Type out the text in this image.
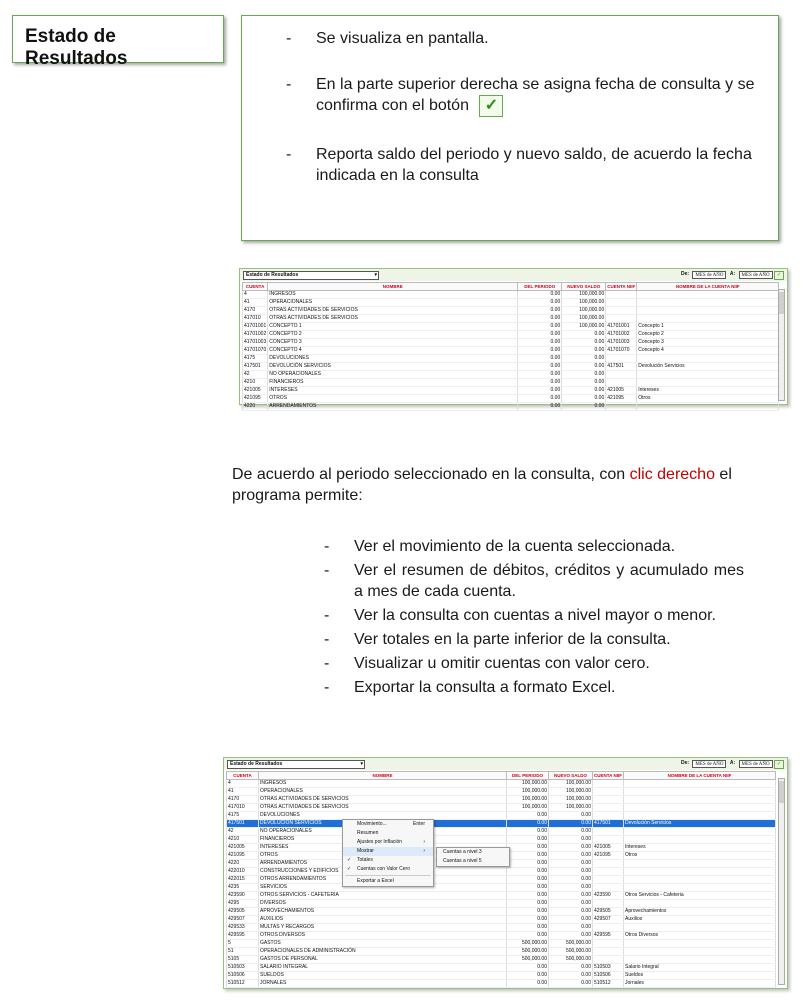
Estado de Resultados
- Se visualiza en pantalla.
- En la parte superior derecha se asigna fecha de consulta y se confirma con el botón ✓
- Reporta saldo del periodo y nuevo saldo, de acuerdo la fecha indicada en la consulta
Estado de Resultados	▾	De: MES de AÑO A: MES de AÑO ✓
CUENTA	NOMBRE	DEL PERIODO	NUEVO SALDO	CUENTA NIIF	NOMBRE DE LA CUENTA NIIF
4	INGRESOS	0.00	100,000.00		
41	OPERACIONALES	0.00	100,000.00		
4170	OTRAS ACTIVIDADES DE SERVICIOS	0.00	100,000.00		
417010	OTRAS ACTIVIDADES DE SERVICIOS	0.00	100,000.00		
41701001	CONCEPTO 1	0.00	100,000.00	41701001	Concepto 1
41701002	CONCEPTO 2	0.00	0.00	41701002	Concepto 2
41701003	CONCEPTO 3	0.00	0.00	41701003	Concepto 3
41701070	CONCEPTO 4	0.00	0.00	41701070	Concepto 4
4175	DEVOLUCIONES	0.00	0.00		
417501	DEVOLUCIÓN SERVICIOS	0.00	0.00	417501	Devolución Servicios
42	NO OPERACIONALES	0.00	0.00		
4210	FINANCIEROS	0.00	0.00		
421005	INTERESES	0.00	0.00	421005	Intereses
421095	OTROS	0.00	0.00	421095	Otros
4220	ARRENDAMIENTOS	0.00	0.00		
De acuerdo al periodo seleccionado en la consulta, con clic derecho el programa permite:
- Ver el movimiento de la cuenta seleccionada.
- Ver el resumen de débitos, créditos y acumulado mes a mes de cada cuenta.
- Ver la consulta con cuentas a nivel mayor o menor.
- Ver totales en la parte inferior de la consulta.
- Visualizar u omitir cuentas con valor cero.
- Exportar la consulta a formato Excel.
Estado de Resultados	▾	De: MES de AÑO A: MES de AÑO ✓
CUENTA	NOMBRE	DEL PERIODO	NUEVO SALDO	CUENTA NIIF	NOMBRE DE LA CUENTA NIIF
4	INGRESOS	100,000.00	100,000.00		
41	OPERACIONALES	100,000.00	100,000.00		
4170	OTRAS ACTIVIDADES DE SERVICIOS	100,000.00	100,000.00		
417010	OTRAS ACTIVIDADES DE SERVICIOS	100,000.00	100,000.00		
4175	DEVOLUCIONES	0.00	0.00		
417501	DEVOLUCIÓN SERVICIOS	0.00	0.00	417501	Devolución Servicios
42	NO OPERACIONALES	0.00	0.00		
4210	FINANCIEROS	0.00	0.00		
421005	INTERESES	0.00	0.00	421005	Intereses
421095	OTROS	0.00	0.00	421095	Otros
4220	ARRENDAMIENTOS	0.00	0.00		
422010	CONSTRUCCIONES Y EDIFICIOS	0.00	0.00		
422015	OTROS ARRENDAMIENTOS	0.00	0.00		
4235	SERVICIOS	0.00	0.00		
423590	OTROS SERVICIOS - CAFETERIA	0.00	0.00	423590	Otros Servicios - Cafeteria
4295	DIVERSOS	0.00	0.00		
429505	APROVECHAMIENTOS	0.00	0.00	429505	Aprovechamientos
429507	AUXILIOS	0.00	0.00	429507	Auxilios
429533	MULTAS Y RECARGOS	0.00	0.00		
429595	OTROS DIVERSOS	0.00	0.00	429595	Otros Diversos
5	GASTOS	500,000.00	500,000.00		
51	OPERACIONALES DE ADMINISTRACIÓN	500,000.00	500,000.00		
5105	GASTOS DE PERSONAL	500,000.00	500,000.00		
510503	SALARIO INTEGRAL	0.00	0.00	510503	Salario Integral
510506	SUELDOS	0.00	0.00	510506	Sueldos
510512	JORNALES	0.00	0.00	510512	Jornales
Movimiento...	Enter
Resumen
Ajustes por Inflación	›
Mostrar	›
✓ Totales
✓ Cuentas con Valor Cero
Exportar a Excel
Cuentas a nivel 3
Cuentas a nivel 5
